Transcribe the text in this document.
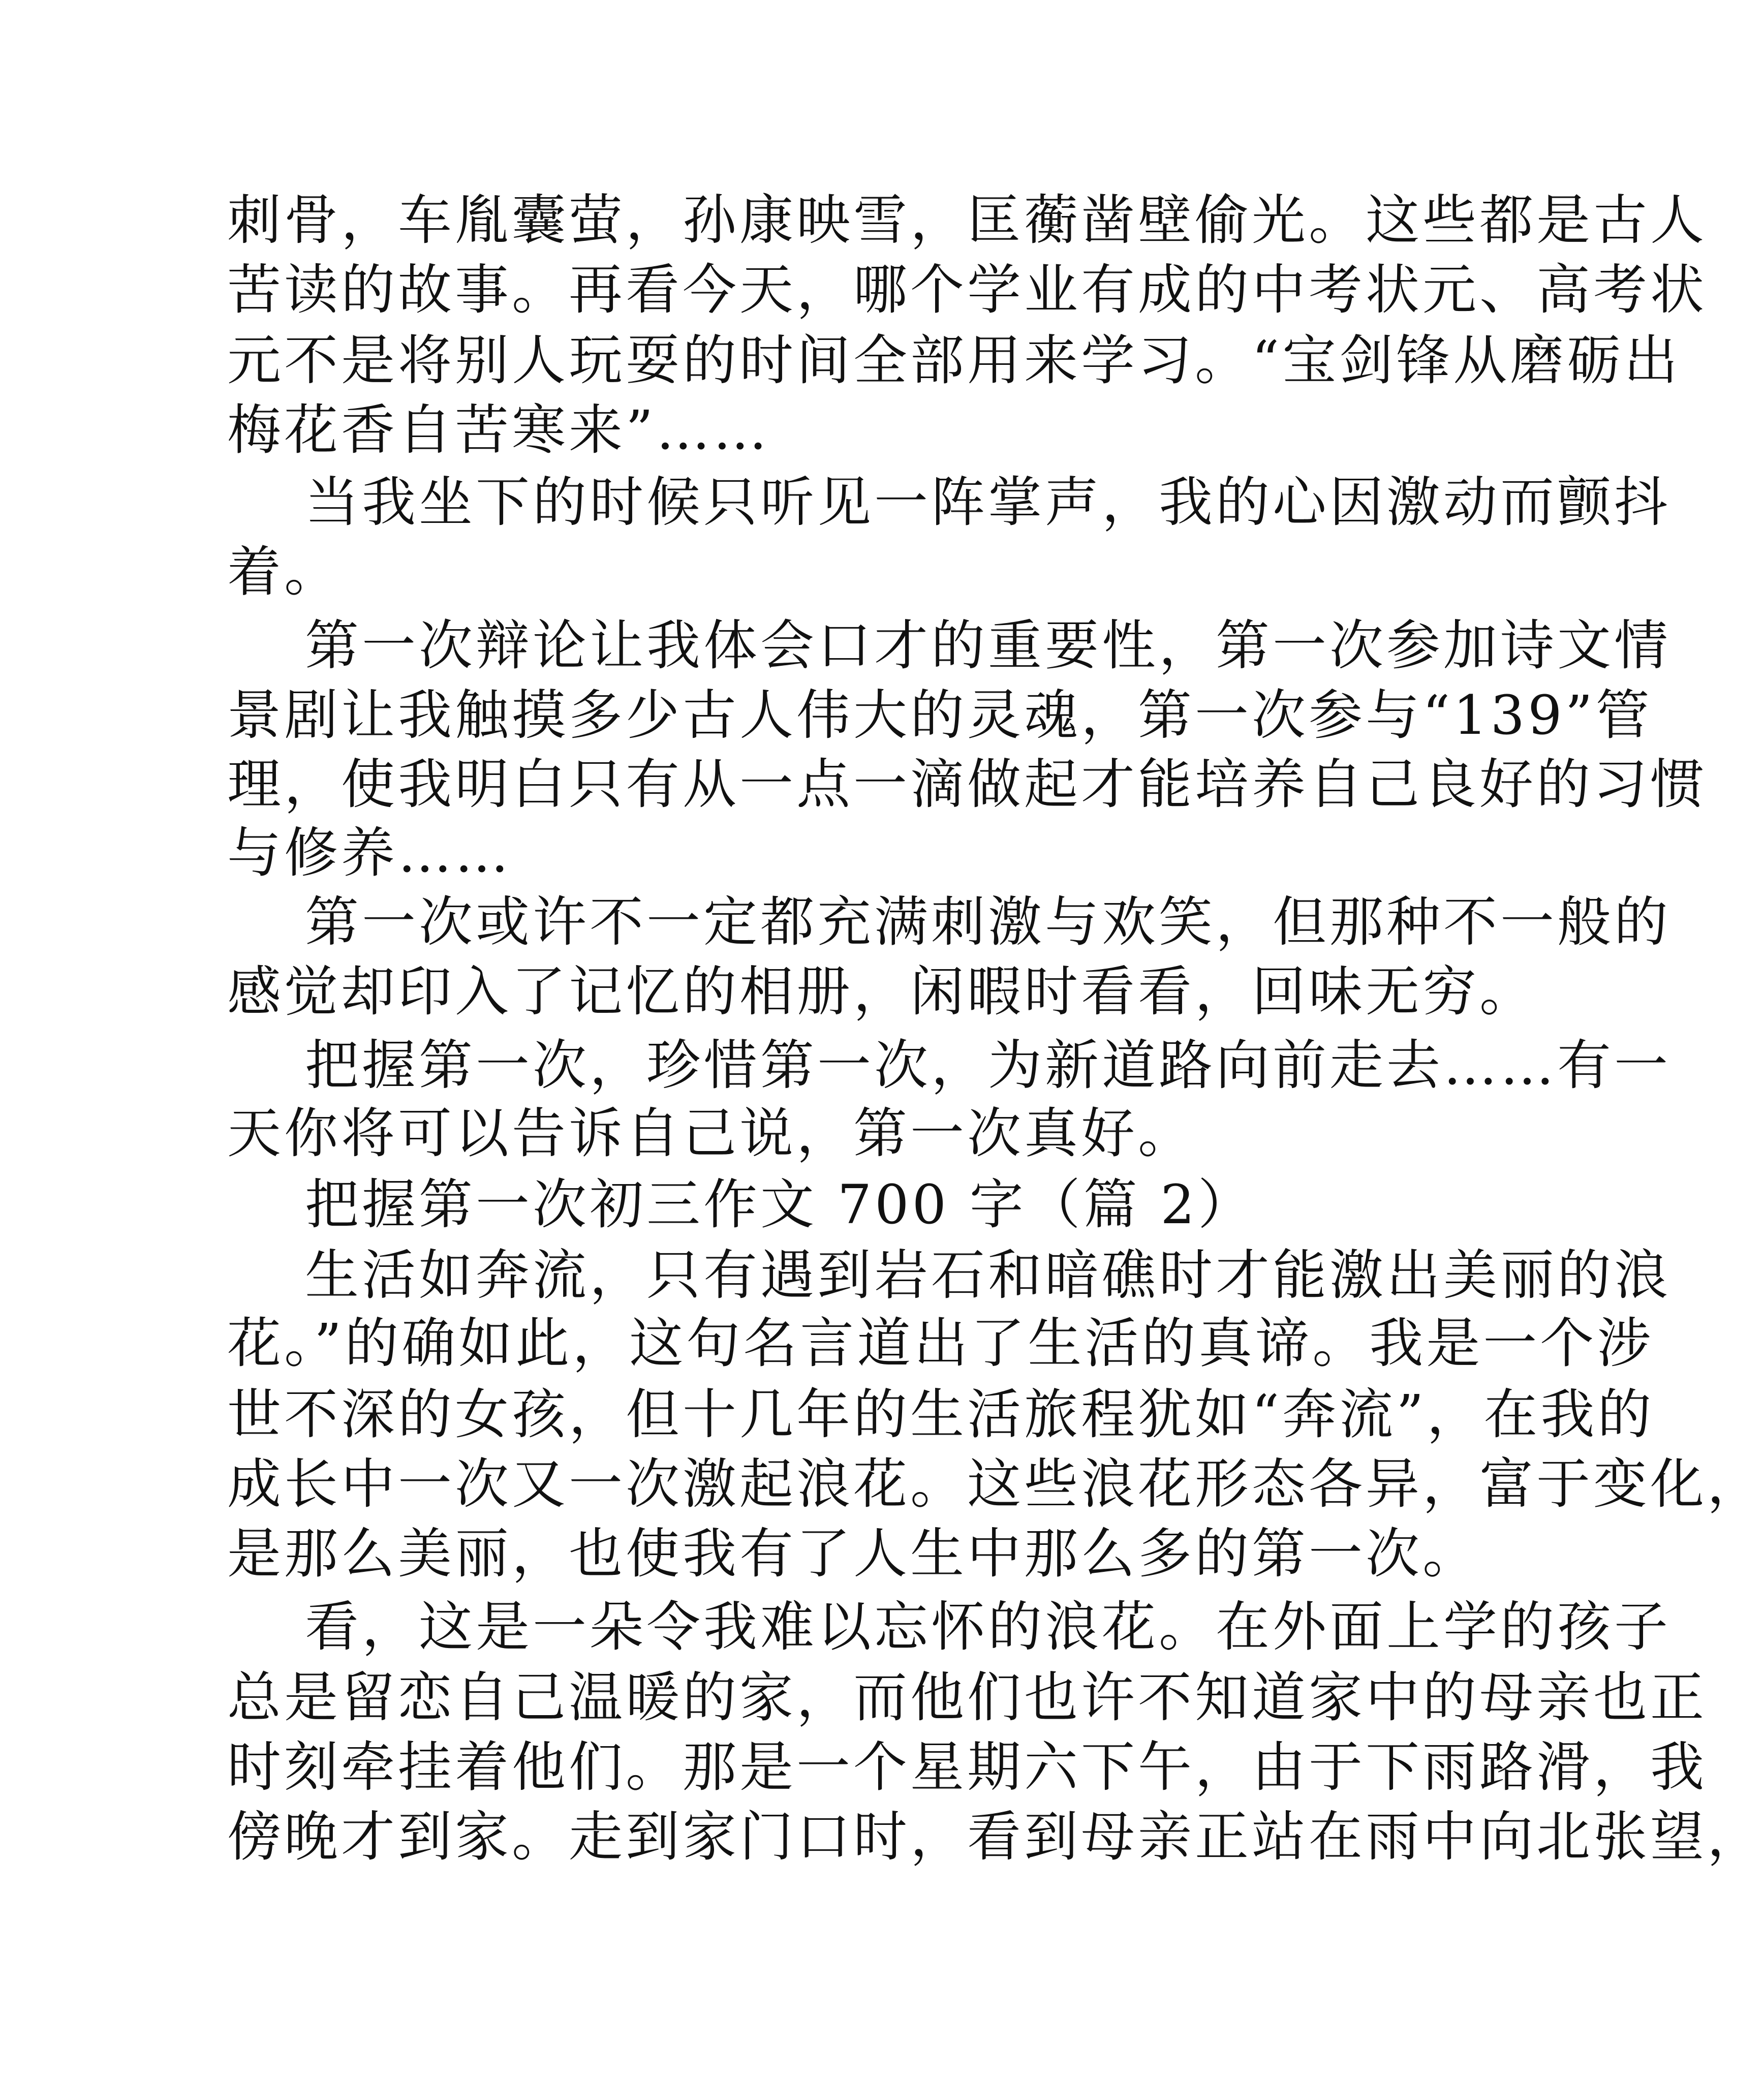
刺骨，车胤囊萤，孙康映雪，匡蘅凿壁偷光。这些都是古人
苦读的故事。再看今天，哪个学业有成的中考状元、高考状
元不是将别人玩耍的时间全部用来学习。“宝剑锋从磨砺出
梅花香自苦寒来”……
当我坐下的时候只听见一阵掌声，我的心因激动而颤抖
着。
第一次辩论让我体会口才的重要性，第一次参加诗文情
景剧让我触摸多少古人伟大的灵魂，第一次参与“139”管
理，使我明白只有从一点一滴做起才能培养自己良好的习惯
与修养……
第一次或许不一定都充满刺激与欢笑，但那种不一般的
感觉却印入了记忆的相册，闲暇时看看，回味无穷。
把握第一次，珍惜第一次，为新道路向前走去……有一
天你将可以告诉自己说，第一次真好。
把握第一次初三作文 700 字（篇 2）
生活如奔流，只有遇到岩石和暗礁时才能激出美丽的浪
花。”的确如此，这句名言道出了生活的真谛。我是一个涉
世不深的女孩，但十几年的生活旅程犹如“奔流”，在我的
成长中一次又一次激起浪花。这些浪花形态各异，富于变化，
是那么美丽，也使我有了人生中那么多的第一次。
看，这是一朵令我难以忘怀的浪花。在外面上学的孩子
总是留恋自己温暖的家，而他们也许不知道家中的母亲也正
时刻牵挂着他们。那是一个星期六下午，由于下雨路滑，我
傍晚才到家。走到家门口时，看到母亲正站在雨中向北张望，
